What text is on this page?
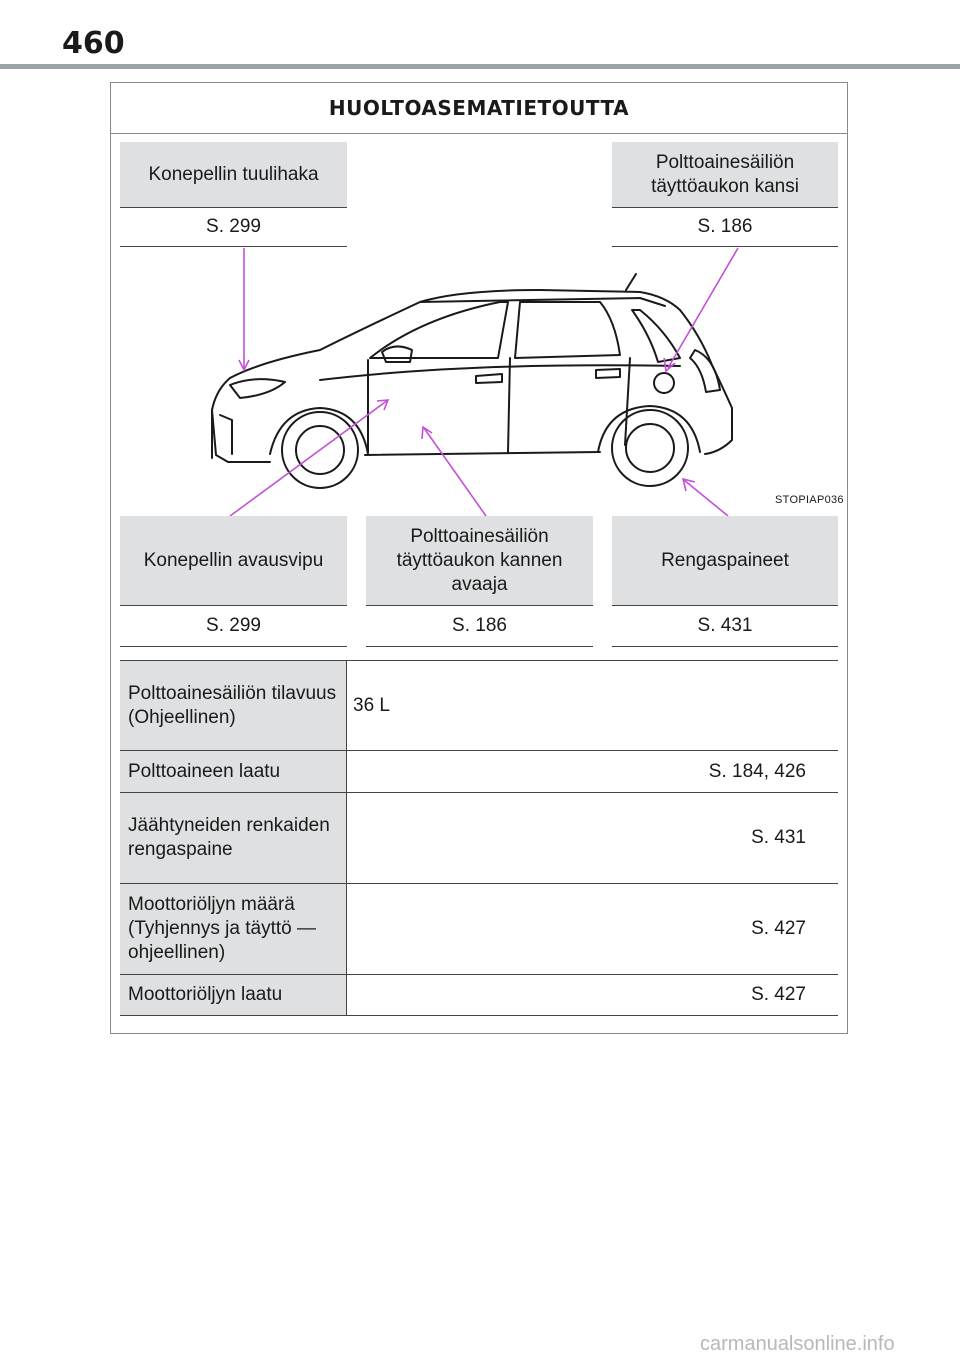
460
HUOLTOASEMATIETOUTTA
Konepellin tuulihaka
S. 299
Polttoainesäiliön täyttöaukon kansi
S. 186
STOPIAP036
Konepellin avausvipu
S. 299
Polttoainesäiliön täyttöaukon kannen avaaja
S. 186
Rengaspaineet
S. 431
Polttoainesäiliön tilavuus (Ohjeellinen)
36 L
Polttoaineen laatu	S. 184, 426
Jäähtyneiden renkaiden rengaspaine
S. 431
Moottoriöljyn määrä (Tyhjennys ja täyttö — ohjeellinen)
S. 427
Moottoriöljyn laatu	S. 427
carmanualsonline.info
